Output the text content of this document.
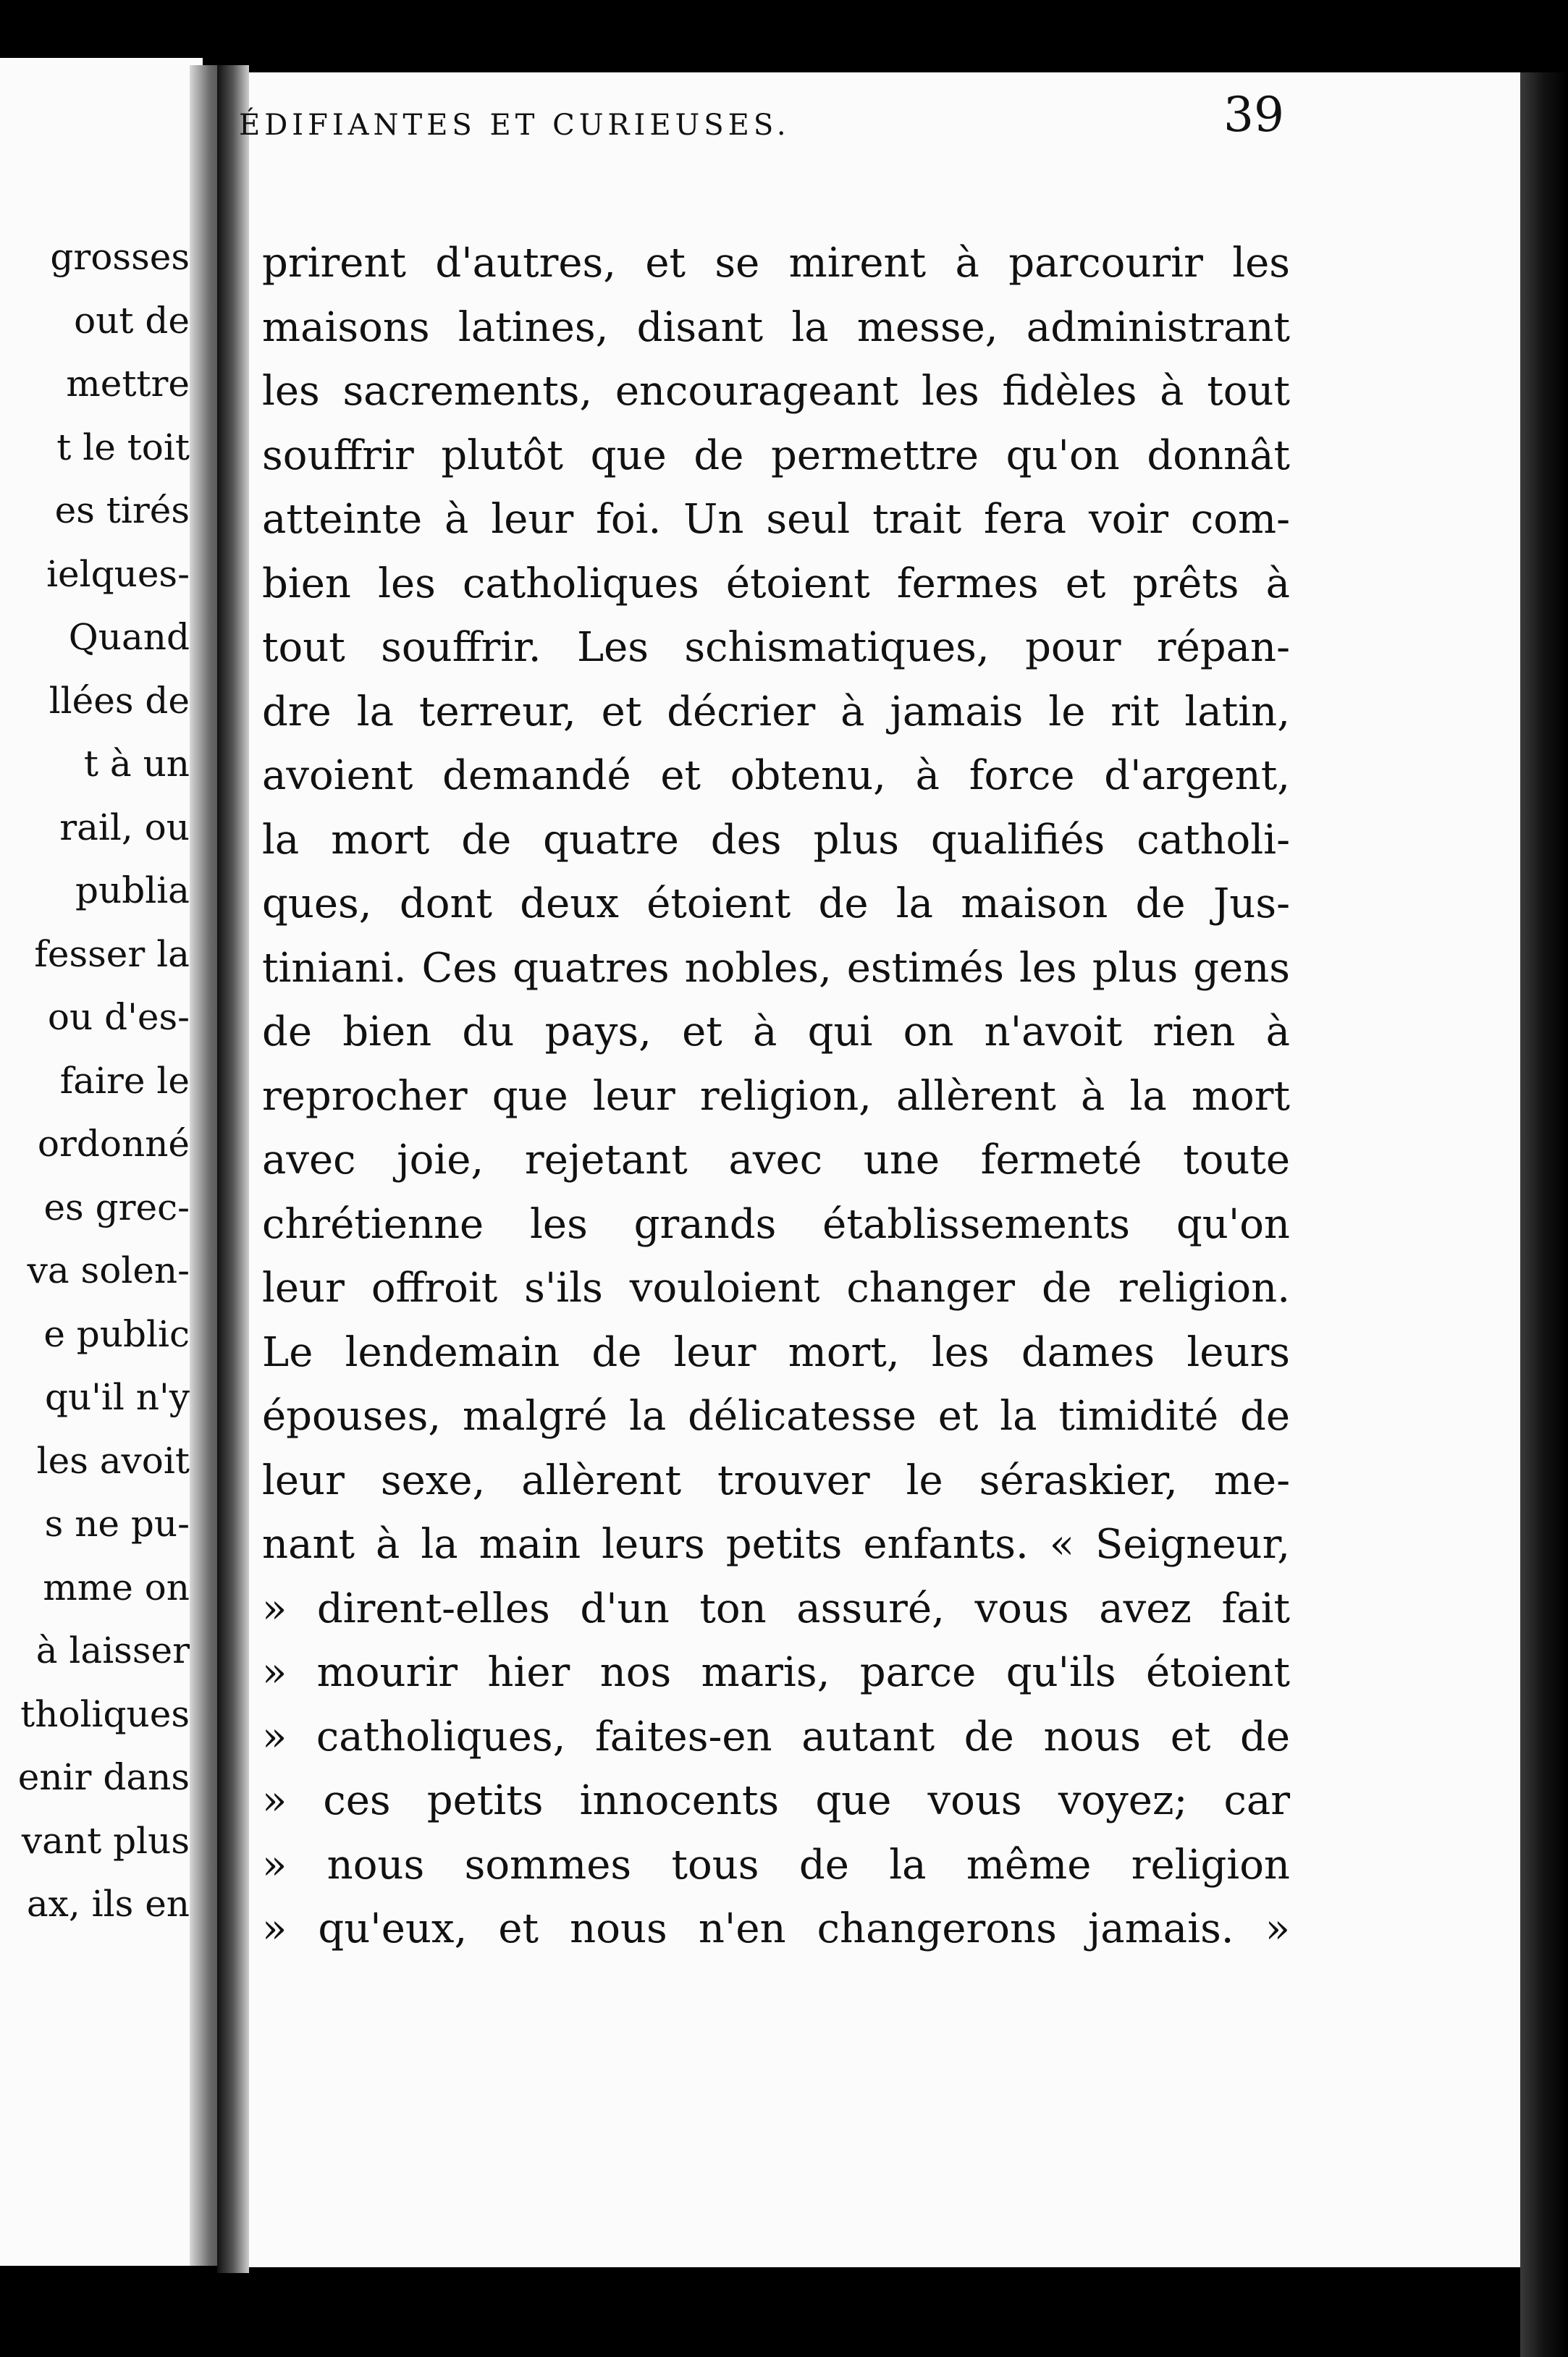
grosses
out de
mettre
t le toit
es tirés
ielques-
Quand
llées de
t à un
rail, ou
publia
fesser la
ou d'es-
faire le
ordonné
es grec-
va solen-
e public
qu'il n'y
les avoit
s ne pu-
mme on
à laisser
tholiques
enir dans
vant plus
ax, ils en
ÉDIFIANTES ET CURIEUSES.	39
prirent d'autres, et se mirent à parcourir les
maisons latines, disant la messe, administrant
les sacrements, encourageant les fidèles à tout
souffrir plutôt que de permettre qu'on donnât
atteinte à leur foi. Un seul trait fera voir com-
bien les catholiques étoient fermes et prêts à
tout souffrir. Les schismatiques, pour répan-
dre la terreur, et décrier à jamais le rit latin,
avoient demandé et obtenu, à force d'argent,
la mort de quatre des plus qualifiés catholi-
ques, dont deux étoient de la maison de Jus-
tiniani. Ces quatres nobles, estimés les plus gens
de bien du pays, et à qui on n'avoit rien à
reprocher que leur religion, allèrent à la mort
avec joie, rejetant avec une fermeté toute
chrétienne les grands établissements qu'on
leur offroit s'ils vouloient changer de religion.
Le lendemain de leur mort, les dames leurs
épouses, malgré la délicatesse et la timidité de
leur sexe, allèrent trouver le séraskier, me-
nant à la main leurs petits enfants. « Seigneur,
» dirent-elles d'un ton assuré, vous avez fait
» mourir hier nos maris, parce qu'ils étoient
» catholiques, faites-en autant de nous et de
» ces petits innocents que vous voyez; car
» nous sommes tous de la même religion
» qu'eux, et nous n'en changerons jamais. »
